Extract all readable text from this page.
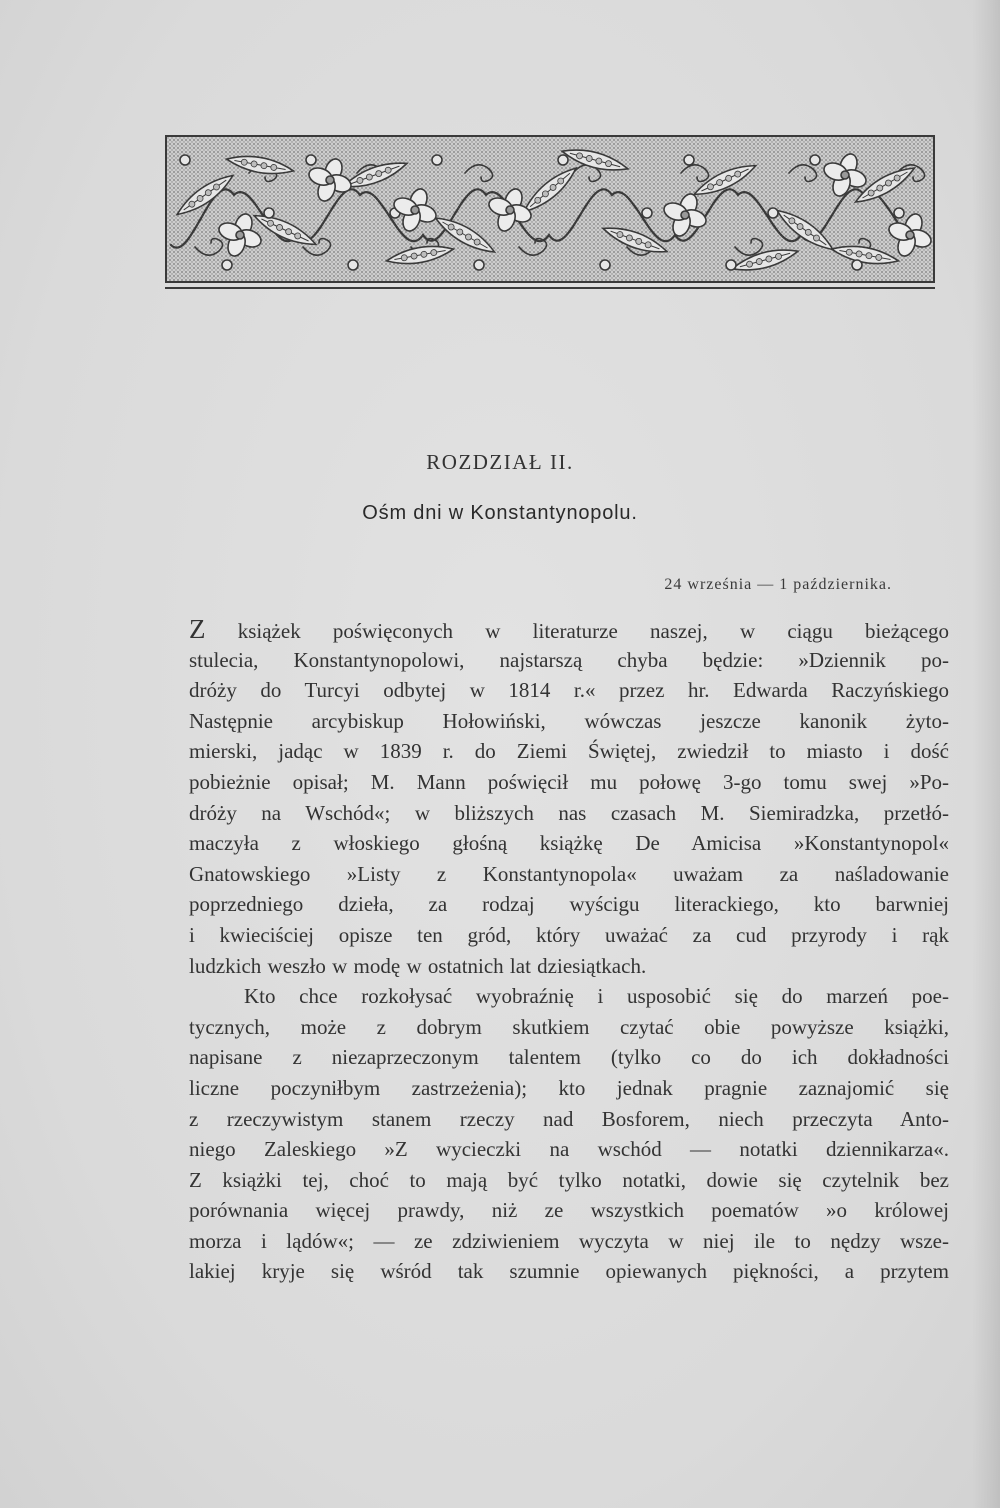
ROZDZIAŁ II.
Ośm dni w Konstantynopolu.

24 września — 1 października.

Z książek poświęconych w literaturze naszej, w ciągu bieżącego
stulecia, Konstantynopolowi, najstarszą chyba będzie: »Dziennik po-
dróży do Turcyi odbytej w 1814 r.« przez hr. Edwarda Raczyńskiego
Następnie arcybiskup Hołowiński, wówczas jeszcze kanonik żyto-
mierski, jadąc w 1839 r. do Ziemi Świętej, zwiedził to miasto i dość
pobieżnie opisał; M. Mann poświęcił mu połowę 3-go tomu swej »Po-
dróży na Wschód«; w bliższych nas czasach M. Siemiradzka, przetłó-
maczyła z włoskiego głośną książkę De Amicisa »Konstantynopol«
Gnatowskiego »Listy z Konstantynopola« uważam za naśladowanie
poprzedniego dzieła, za rodzaj wyścigu literackiego, kto barwniej
i kwieciściej opisze ten gród, który uważać za cud przyrody i rąk
ludzkich weszło w modę w ostatnich lat dziesiątkach.
Kto chce rozkołysać wyobraźnię i usposobić się do marzeń poe-
tycznych, może z dobrym skutkiem czytać obie powyższe książki,
napisane z niezaprzeczonym talentem (tylko co do ich dokładności
liczne poczyniłbym zastrzeżenia); kto jednak pragnie zaznajomić się
z rzeczywistym stanem rzeczy nad Bosforem, niech przeczyta Anto-
niego Zaleskiego »Z wycieczki na wschód — notatki dziennikarza«.
Z książki tej, choć to mają być tylko notatki, dowie się czytelnik bez
porównania więcej prawdy, niż ze wszystkich poematów »o królowej
morza i lądów«; — ze zdziwieniem wyczyta w niej ile to nędzy wsze-
lakiej kryje się wśród tak szumnie opiewanych piękności, a przytem
